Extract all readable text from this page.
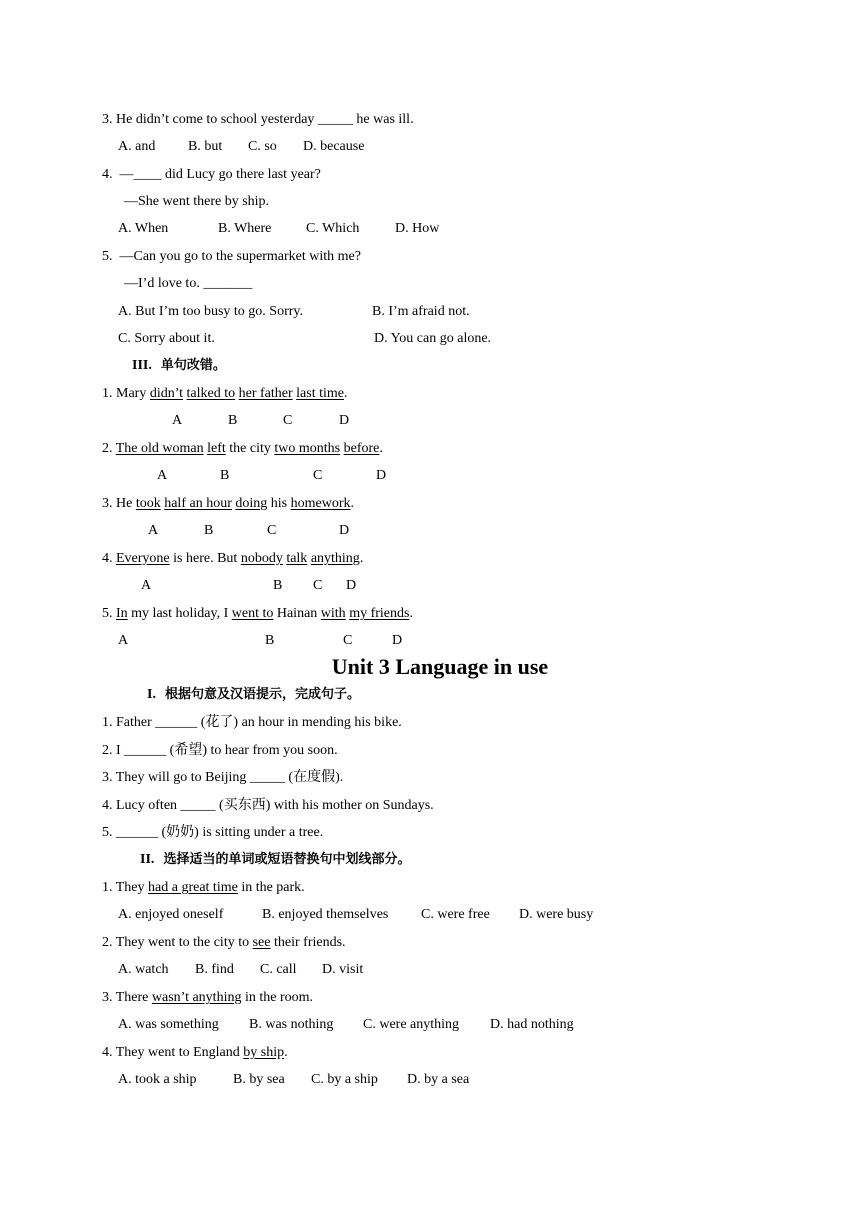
3. He didn’t come to school yesterday _____ he was ill.
A. and B. but C. so D. because
4.  —____ did Lucy go there last year?
—She went there by ship.
A. When	B. Where C. Which	D. How
5.  —Can you go to the supermarket with me?
—I’d love to. _______
A. But I’m too busy to go. Sorry.	B. I’m afraid not.
C. Sorry about it.	D. You can go alone.
III. 单句改错。
1. Mary didn’t talked to her father last time.
A	B	C	D
2. The old woman left the city two months before.
A	B	C	D
3. He took half an hour doing his homework.
A	B	C	D
4. Everyone is here. But nobody talk anything.
A	B C D
5. In my last holiday, I went to Hainan with my friends.
A	B	C	D
Unit 3 Language in use
I. 根据句意及汉语提示，完成句子。
1. Father ______ (花了) an hour in mending his bike.
2. I ______ (希望) to hear from you soon.
3. They will go to Beijing _____ (在度假).
4. Lucy often _____ (买东西) with his mother on Sundays.
5. ______ (奶奶) is sitting under a tree.
II. 选择适当的单词或短语替换句中划线部分。
1. They had a great time in the park.
A. enjoyed oneself	B. enjoyed themselves C. were free D. were busy
2. They went to the city to see their friends.
A. watch B. find C. call D. visit
3. There wasn’t anything in the room.
A. was something B. was nothing C. were anything D. had nothing
4. They went to England by ship.
A. took a ship	B. by sea C. by a ship D. by a sea
